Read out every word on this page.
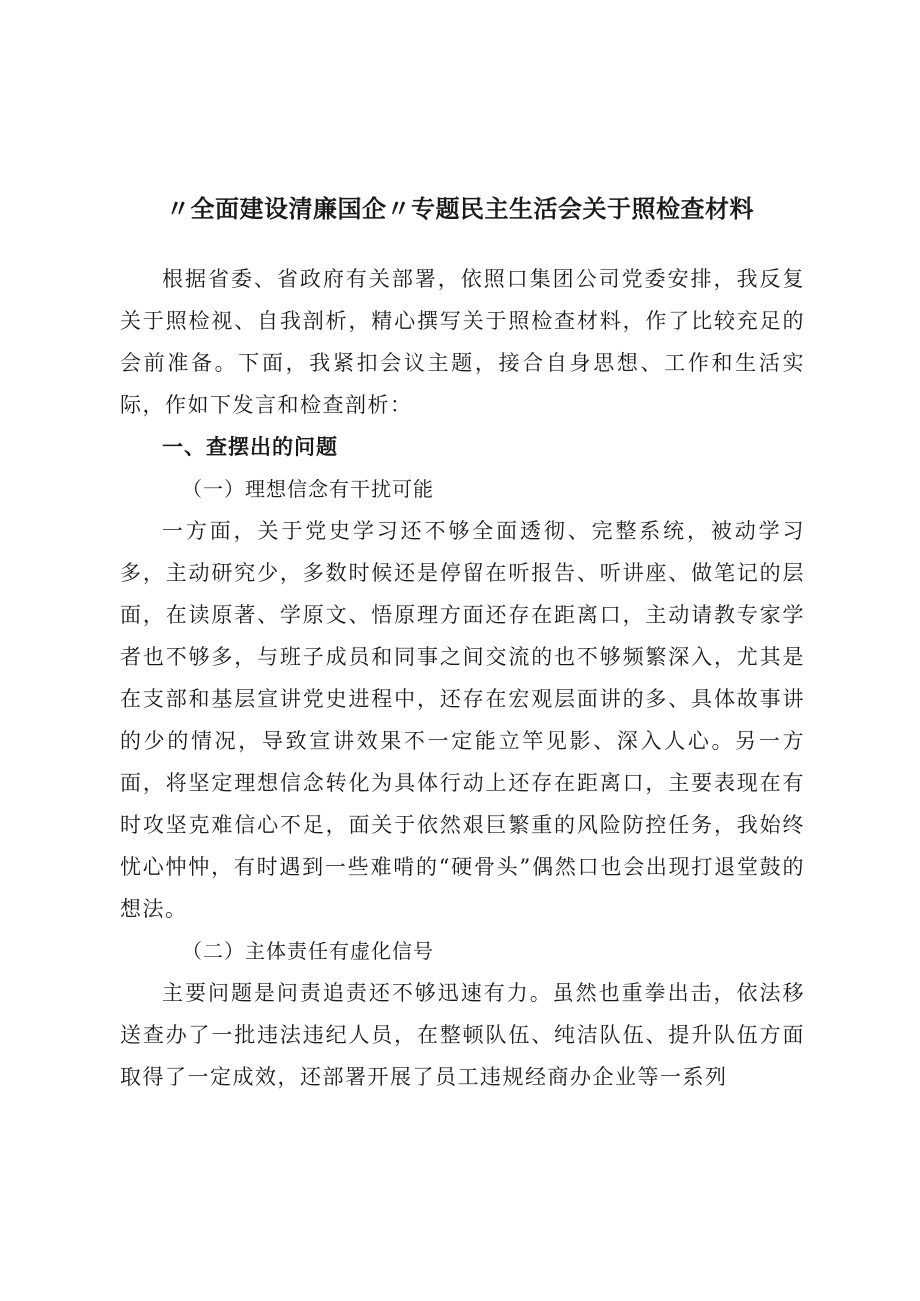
〃全面建设清廉国企〃专题民主生活会关于照检查材料

根据省委、省政府有关部署，依照口集团公司党委安排，我反复关于照检视、自我剖析，精心撰写关于照检查材料，作了比较充足的会前准备。下面，我紧扣会议主题，接合自身思想、工作和生活实际，作如下发言和检查剖析：

一、查摆出的问题

（一）理想信念有干扰可能

一方面，关于党史学习还不够全面透彻、完整系统，被动学习多，主动研究少，多数时候还是停留在听报告、听讲座、做笔记的层面，在读原著、学原文、悟原理方面还存在距离口，主动请教专家学者也不够多，与班子成员和同事之间交流的也不够频繁深入，尤其是在支部和基层宣讲党史进程中，还存在宏观层面讲的多、具体故事讲的少的情况，导致宣讲效果不一定能立竿见影、深入人心。另一方面，将坚定理想信念转化为具体行动上还存在距离口，主要表现在有时攻坚克难信心不足，面关于依然艰巨繁重的风险防控任务，我始终忧心忡忡，有时遇到一些难啃的“硬骨头”偶然口也会出现打退堂鼓的想法。

（二）主体责任有虚化信号

主要问题是问责追责还不够迅速有力。虽然也重拳出击，依法移送查办了一批违法违纪人员，在整顿队伍、纯洁队伍、提升队伍方面取得了一定成效，还部署开展了员工违规经商办企业等一系列
